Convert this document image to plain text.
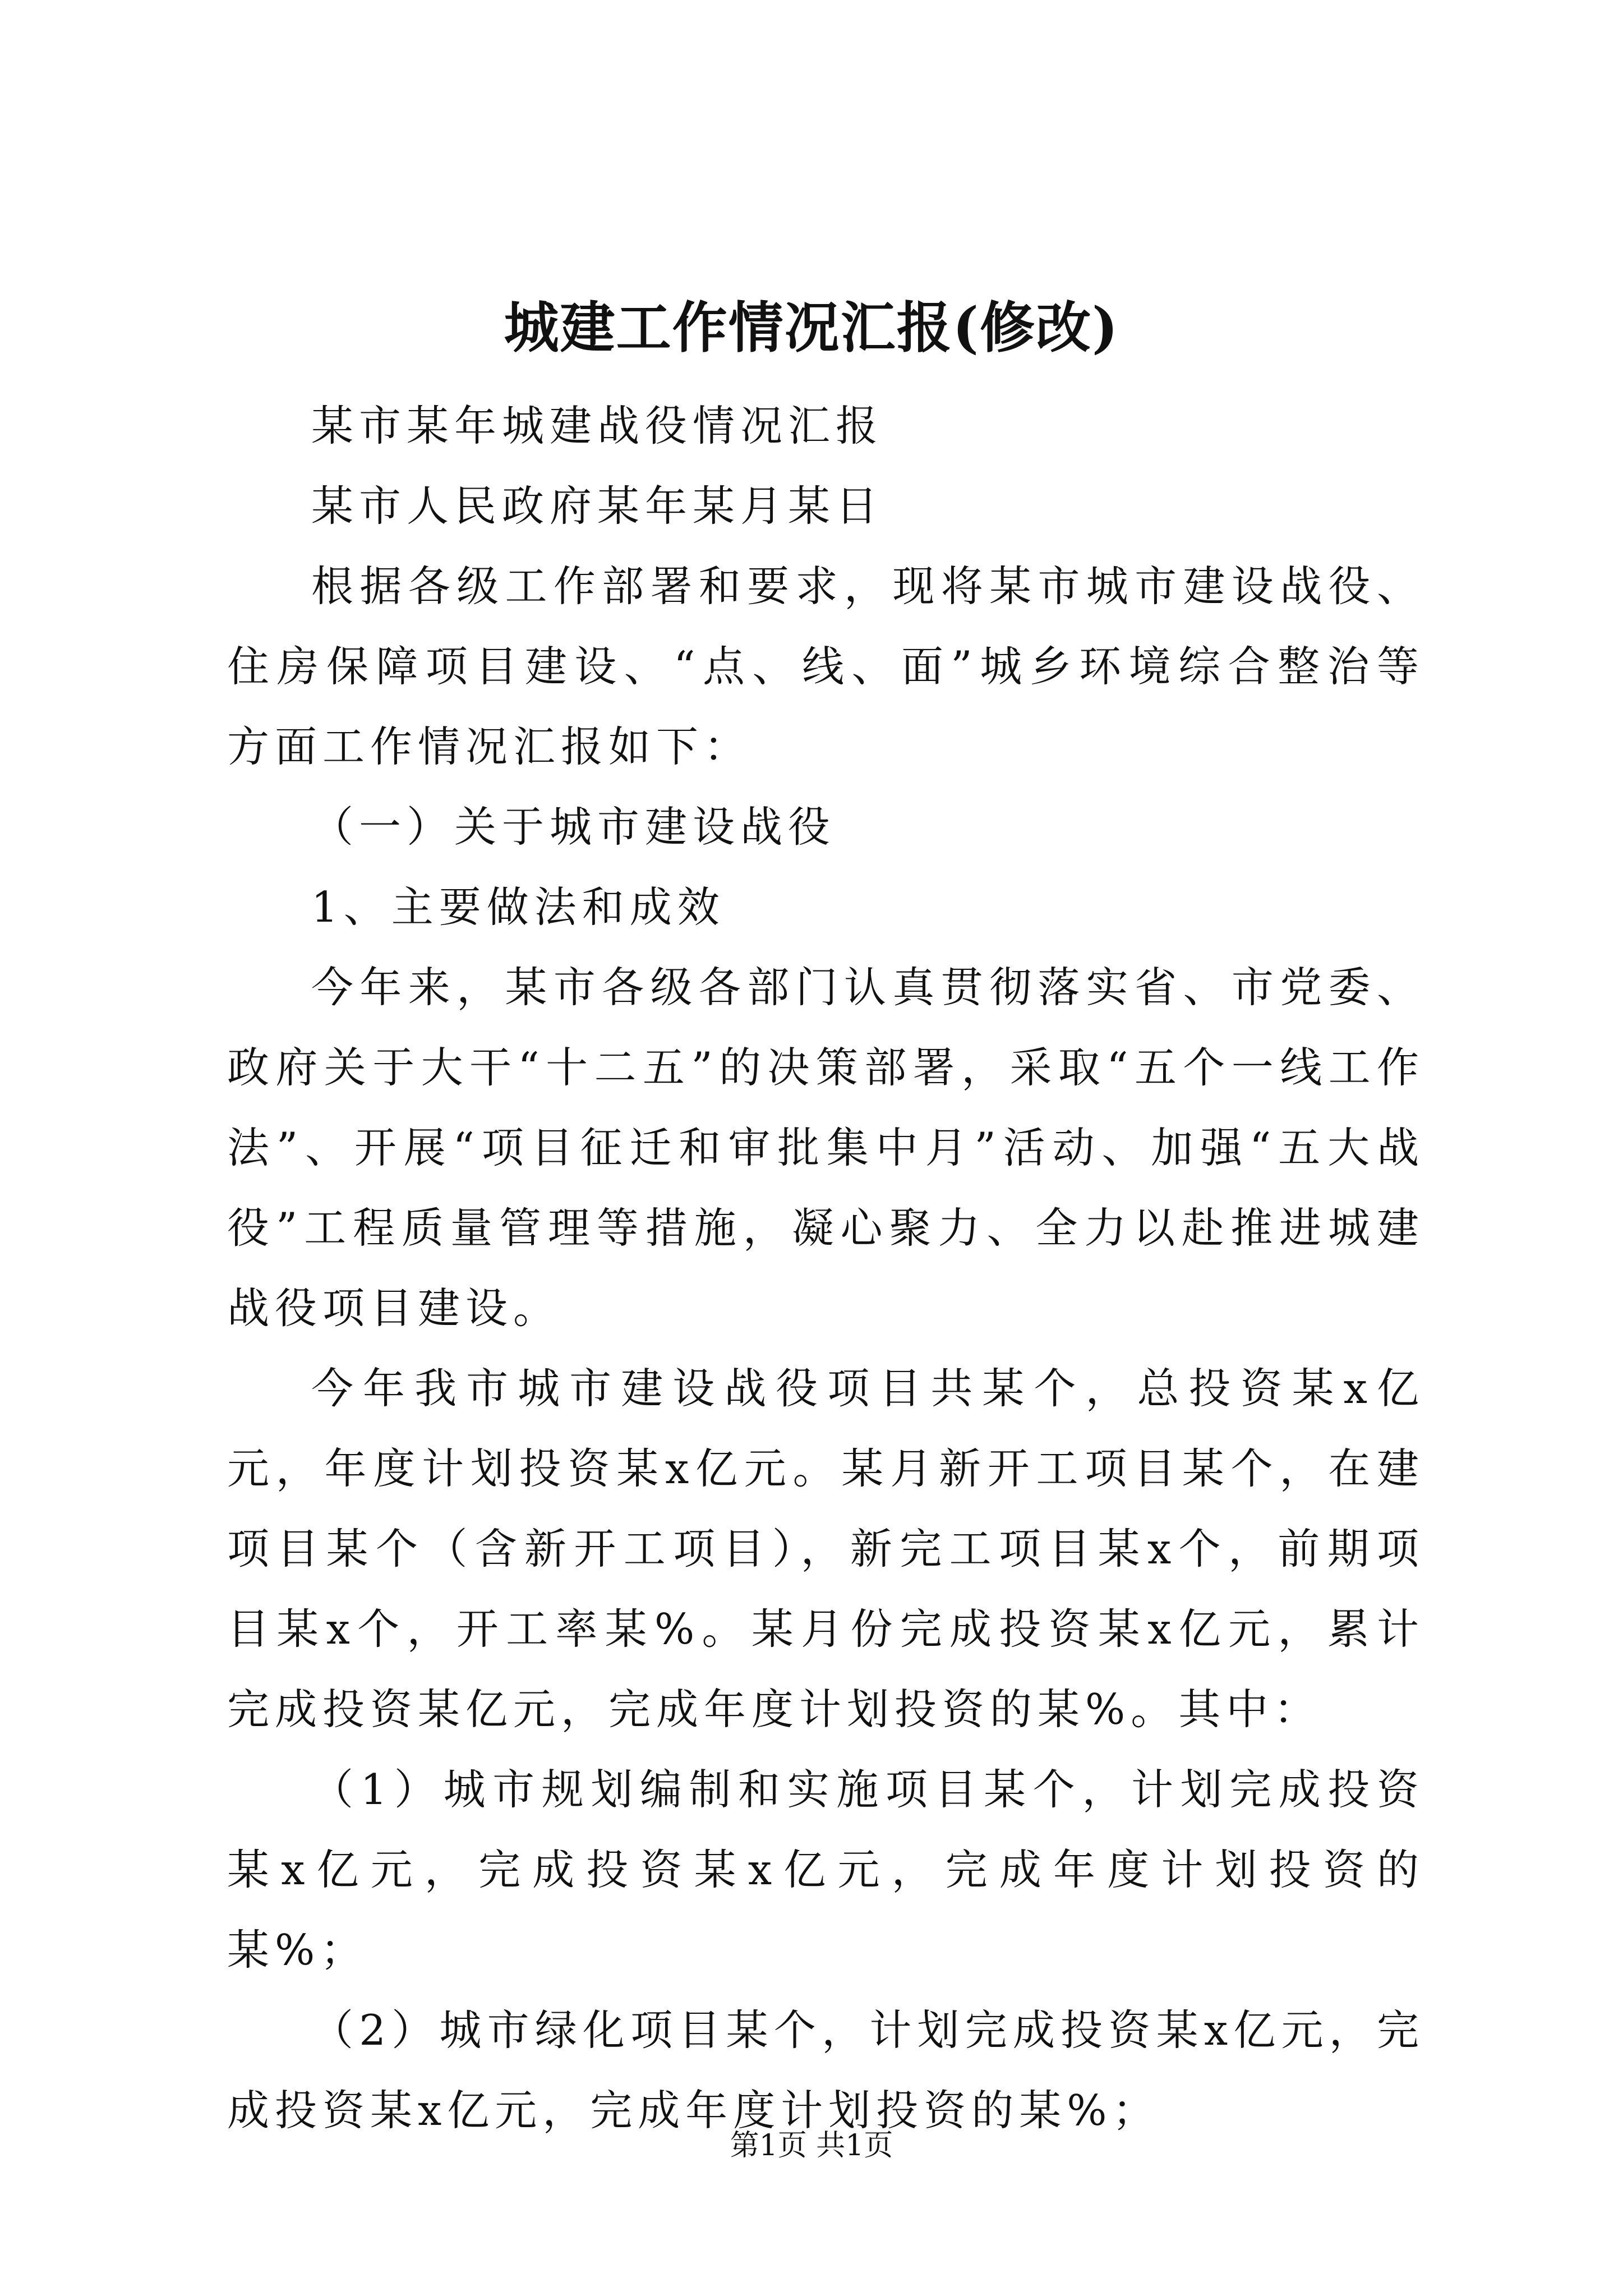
城建工作情况汇报(修改)

某市某年城建战役情况汇报

某市人民政府某年某月某日

根据各级工作部署和要求，现将某市城市建设战役、住房保障项目建设、“点、线、面”城乡环境综合整治等方面工作情况汇报如下：

（一）关于城市建设战役

1、主要做法和成效

今年来，某市各级各部门认真贯彻落实省、市党委、政府关于大干“十二五”的决策部署，采取“五个一线工作法”、开展“项目征迁和审批集中月”活动、加强“五大战役”工程质量管理等措施，凝心聚力、全力以赴推进城建战役项目建设。

今年我市城市建设战役项目共某个，总投资某x亿元，年度计划投资某x亿元。某月新开工项目某个，在建项目某个（含新开工项目），新完工项目某x个，前期项目某x个，开工率某%。某月份完成投资某x亿元，累计完成投资某亿元，完成年度计划投资的某%。其中：

（1）城市规划编制和实施项目某个，计划完成投资某x亿元，完成投资某x亿元，完成年度计划投资的某%；

（2）城市绿化项目某个，计划完成投资某x亿元，完成投资某x亿元，完成年度计划投资的某%；

第1页 共1页
